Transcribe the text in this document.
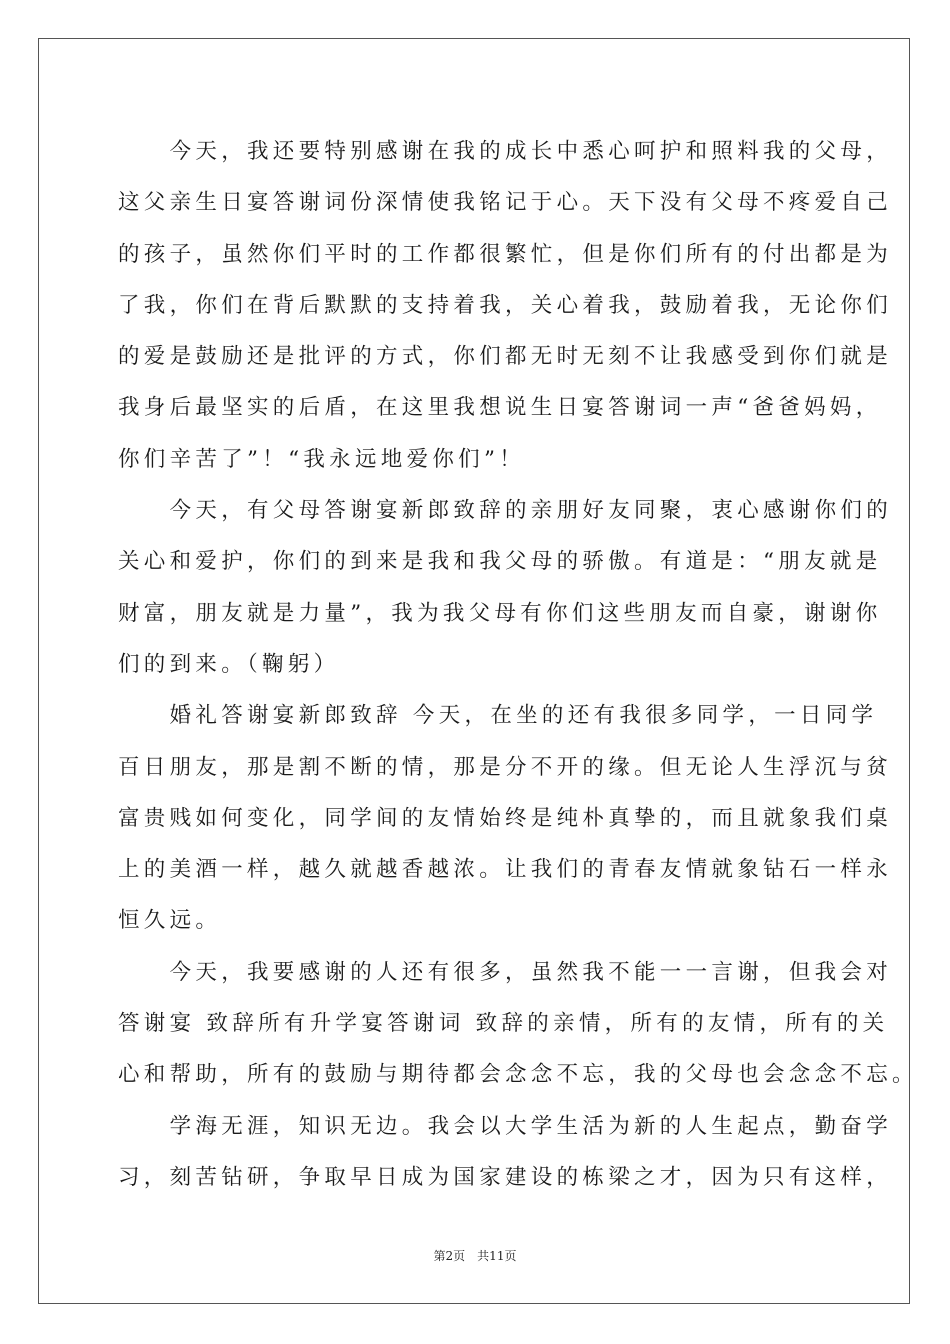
　　今天，我还要特别感谢在我的成长中悉心呵护和照料我的父母，
这父亲生日宴答谢词份深情使我铭记于心。天下没有父母不疼爱自己
的孩子，虽然你们平时的工作都很繁忙，但是你们所有的付出都是为
了我，你们在背后默默的支持着我，关心着我，鼓励着我，无论你们
的爱是鼓励还是批评的方式，你们都无时无刻不让我感受到你们就是
我身后最坚实的后盾，在这里我想说生日宴答谢词一声“爸爸妈妈，
你们辛苦了”！“我永远地爱你们”！
　　今天，有父母答谢宴新郎致辞的亲朋好友同聚，衷心感谢你们的
关心和爱护，你们的到来是我和我父母的骄傲。有道是：“朋友就是
财富，朋友就是力量”，我为我父母有你们这些朋友而自豪，谢谢你
们的到来。（鞠躬）
　　婚礼答谢宴新郎致辞 今天，在坐的还有我很多同学，一日同学
百日朋友，那是割不断的情，那是分不开的缘。但无论人生浮沉与贫
富贵贱如何变化，同学间的友情始终是纯朴真挚的，而且就象我们桌
上的美酒一样，越久就越香越浓。让我们的青春友情就象钻石一样永
恒久远。
　　今天，我要感谢的人还有很多，虽然我不能一一言谢，但我会对
答谢宴 致辞所有升学宴答谢词 致辞的亲情，所有的友情，所有的关
心和帮助，所有的鼓励与期待都会念念不忘，我的父母也会念念不忘。
　　学海无涯，知识无边。我会以大学生活为新的人生起点，勤奋学
习，刻苦钻研，争取早日成为国家建设的栋梁之才，因为只有这样，
第2页　共11页
